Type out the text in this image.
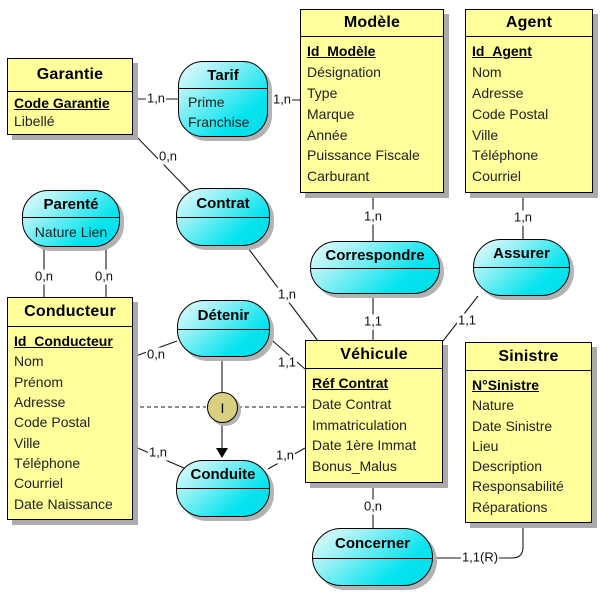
Garantie
Code Garantie
Libellé
Modèle
Id_Modèle
Désignation
Type
Marque
Année
Puissance Fiscale
Carburant
Agent
Id_Agent
Nom
Adresse
Code Postal
Ville
Téléphone
Courriel
Conducteur
Id_Conducteur
Nom
Prénom
Adresse
Code Postal
Ville
Téléphone
Courriel
Date Naissance
Véhicule
Réf Contrat
Date Contrat
Immatriculation
Date 1ère Immat
Bonus_Malus
Sinistre
N°Sinistre
Nature
Date Sinistre
Lieu
Description
Responsabilité
Réparations
Tarif
Prime
Franchise
Parenté
Nature Lien
Contrat
Correspondre	Assurer
Détenir
Conduite
Concerner
I
1,n	1,n
0,n
0,n	0,n
1,n	1,n
1,n
1,1	1,1
0,n
1,1
1,n	1,n
0,n
1,1(R)
